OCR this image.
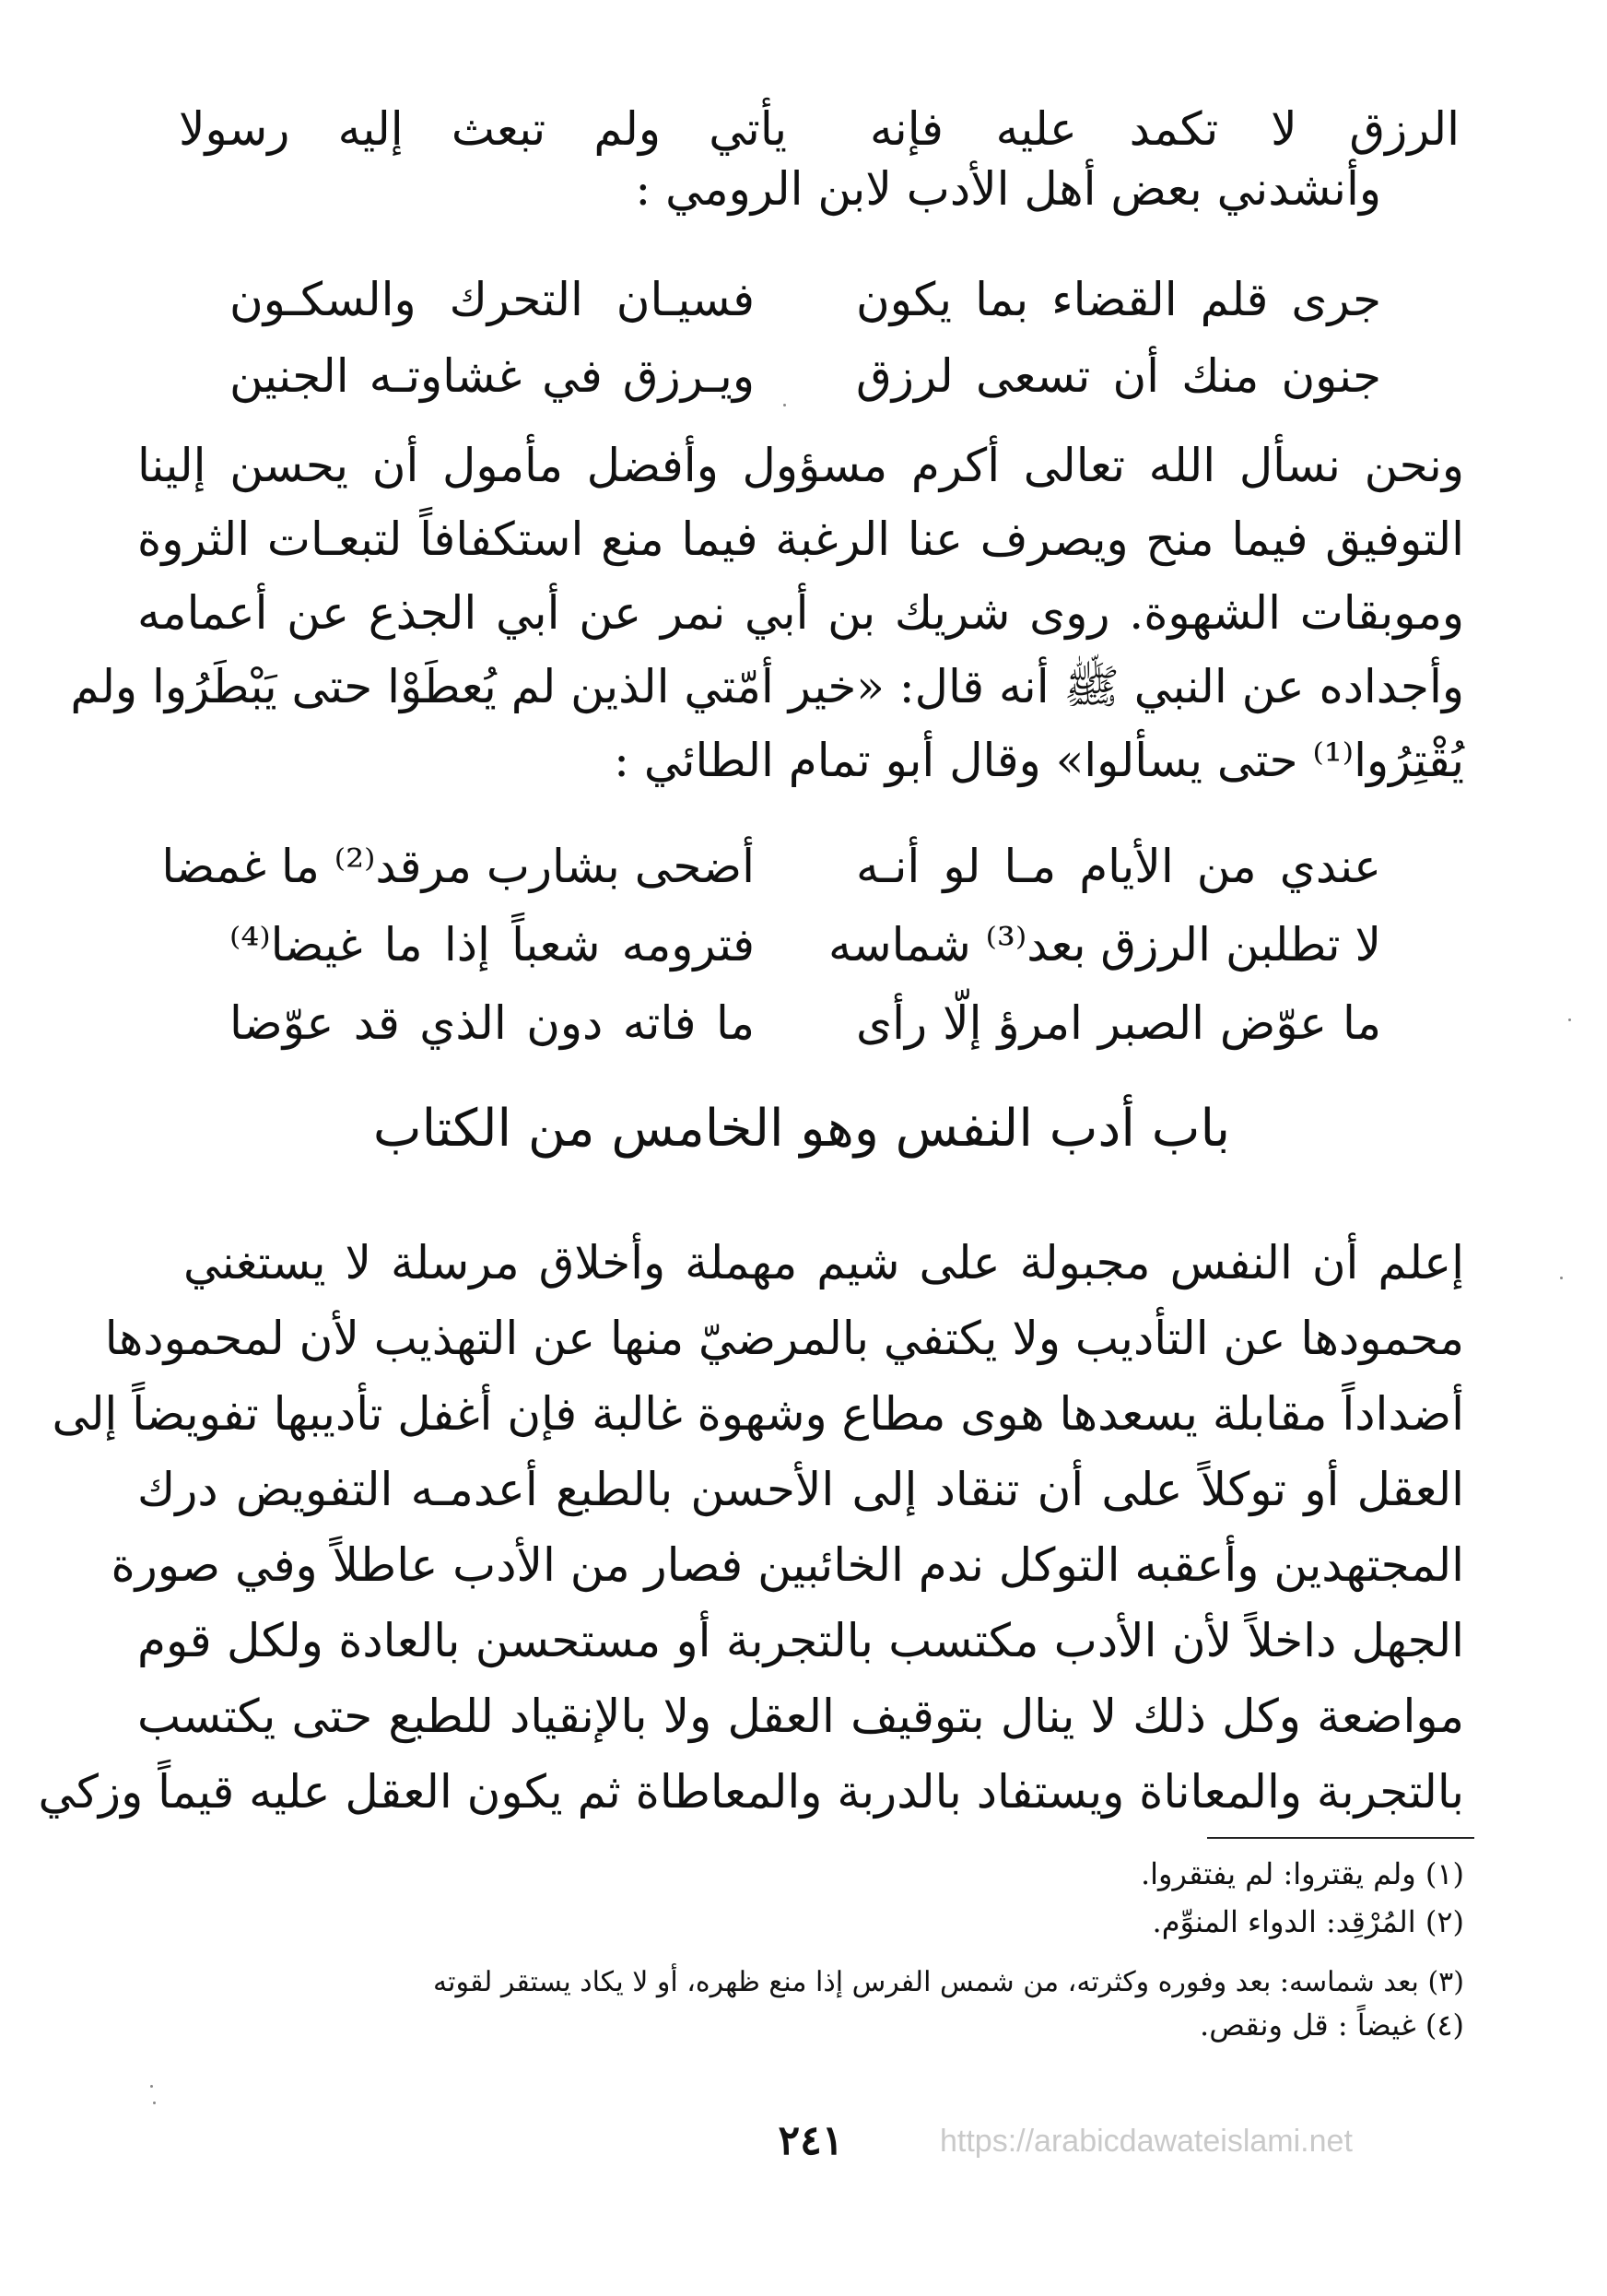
الرزق لا تكمد عليه فإنه
يأتي ولم تبعث إليه رسولا
وأنشدني بعض أهل الأدب لابن الرومي :
جرى قلم القضاء بما يكون
فسيـان التحرك والسكـون
جنون منك أن تسعى لرزق
ويـرزق في غشاوتـه الجنين
ونحن نسأل الله تعالى أكرم مسؤول وأفضل مأمول أن يحسن إلينا
التوفيق فيما منح ويصرف عنا الرغبة فيما منع استكفافاً لتبعـات الثروة
وموبقات الشهوة. روى شريك بن أبي نمر عن أبي الجذع عن أعمامه
وأجداده عن النبي ﷺ أنه قال: «خير أمّتي الذين لم يُعطَوْا حتى يَبْطَرُوا ولم
يُقْتِرُوا⁽¹⁾ حتى يسألوا» وقال أبو تمام الطائي :
عندي من الأيام مـا لو أنـه
أضحى بشارب مرقد⁽²⁾ ما غمضا
لا تطلبن الرزق بعد⁽³⁾ شماسه
فترومه شعباً إذا ما غيضا⁽⁴⁾
ما عوّض الصبر امرؤ إلّا رأى
ما فاته دون الذي قد عوّضا
باب أدب النفس وهو الخامس من الكتاب
إعلم أن النفس مجبولة على شيم مهملة وأخلاق مرسلة لا يستغني
محمودها عن التأديب ولا يكتفي بالمرضيّ منها عن التهذيب لأن لمحمودها
أضداداً مقابلة يسعدها هوى مطاع وشهوة غالبة فإن أغفل تأديبها تفويضاً إلى
العقل أو توكلاً على أن تنقاد إلى الأحسن بالطبع أعدمـه التفويض درك
المجتهدين وأعقبه التوكل ندم الخائبين فصار من الأدب عاطلاً وفي صورة
الجهل داخلاً لأن الأدب مكتسب بالتجربة أو مستحسن بالعادة ولكل قوم
مواضعة وكل ذلك لا ينال بتوقيف العقل ولا بالإنقياد للطبع حتى يكتسب
بالتجربة والمعاناة ويستفاد بالدربة والمعاطاة ثم يكون العقل عليه قيماً وزكي
(١) ولم يقتروا: لم يفتقروا.
(٢) المُرْقِد: الدواء المنوِّم.
(٣) بعد شماسه: بعد وفوره وكثرته، من شمس الفرس إذا منع ظهره، أو لا يكاد يستقر لقوته
(٤) غيضاً : قل ونقص.
٢٤١	https://arabicdawateislami.net
